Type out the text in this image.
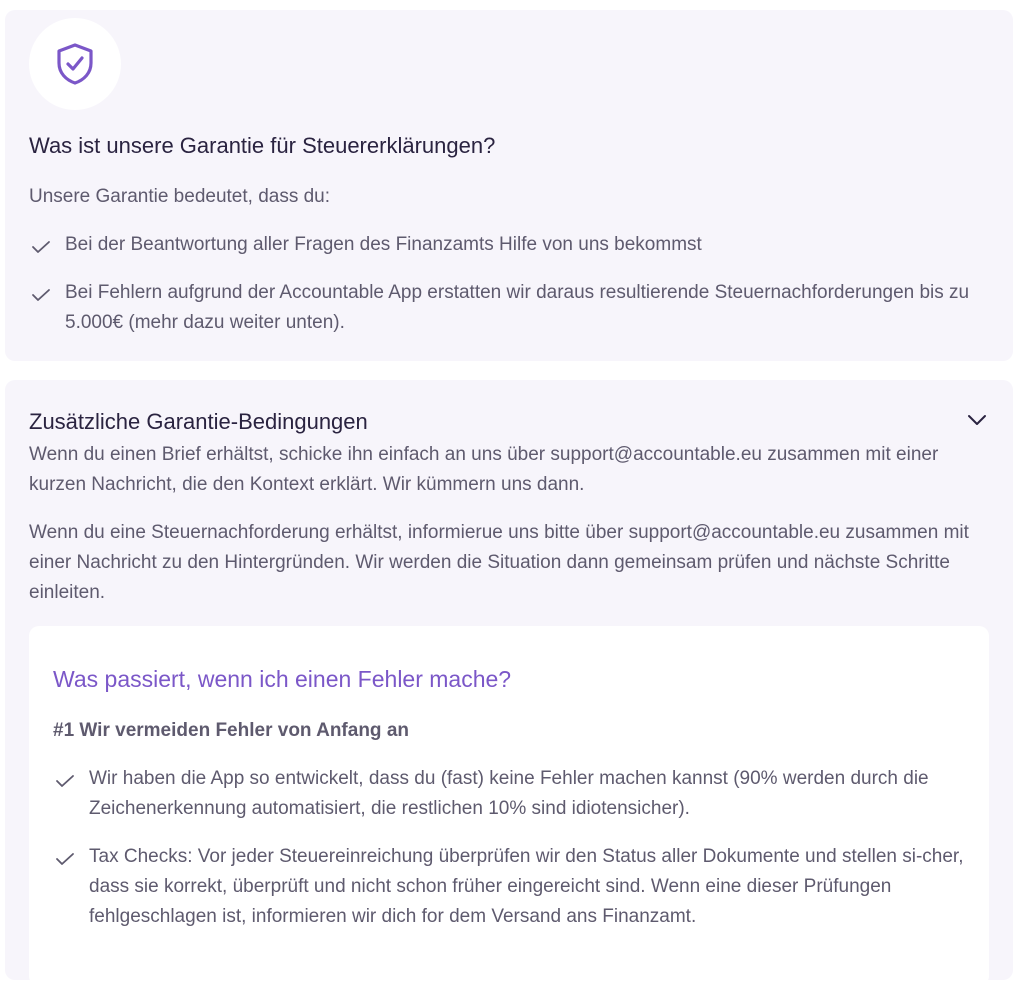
Was ist unsere Garantie für Steuererklärungen?

Unsere Garantie bedeutet, dass du:

Bei der Beantwortung aller Fragen des Finanzamts Hilfe von uns bekommst
Bei Fehlern aufgrund der Accountable App erstatten wir daraus resultierende Steuernachforderungen bis zu 5.000€ (mehr dazu weiter unten).
Zusätzliche Garantie-Bedingungen

Wenn du einen Brief erhältst, schicke ihn einfach an uns über support@accountable.eu zusammen mit einer kurzen Nachricht, die den Kontext erklärt. Wir kümmern uns dann.

Wenn du eine Steuernachforderung erhältst, informierue uns bitte über support@accountable.eu zusammen mit einer Nachricht zu den Hintergründen. Wir werden die Situation dann gemeinsam prüfen und nächste Schritte einleiten.

Was passiert, wenn ich einen Fehler mache?
#1 Wir vermeiden Fehler von Anfang an
Wir haben die App so entwickelt, dass du (fast) keine Fehler machen kannst (90% werden durch die Zeichenerkennung automatisiert, die restlichen 10% sind idiotensicher).
Tax Checks: Vor jeder Steuereinreichung überprüfen wir den Status aller Dokumente und stellen si-cher, dass sie korrekt, überprüft und nicht schon früher eingereicht sind. Wenn eine dieser Prüfungen fehlgeschlagen ist, informieren wir dich for dem Versand ans Finanzamt.
